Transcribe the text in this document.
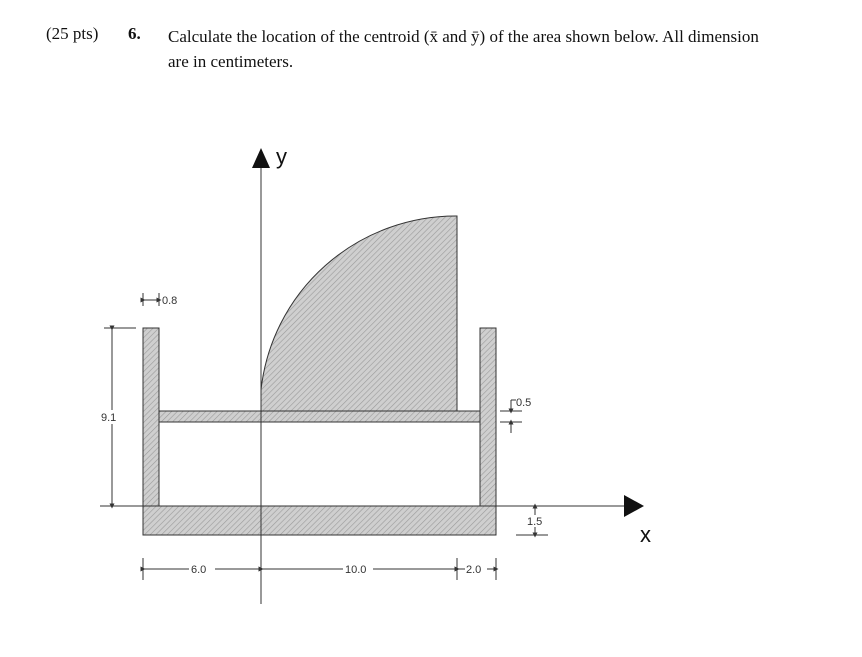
(25 pts) 6. Calculate the location of the centroid (x̄ and ȳ) of the area shown below. All dimension
are in centimeters.
y
x
0.8
9.1
0.5
1.5
6.0	10.0	2.0
